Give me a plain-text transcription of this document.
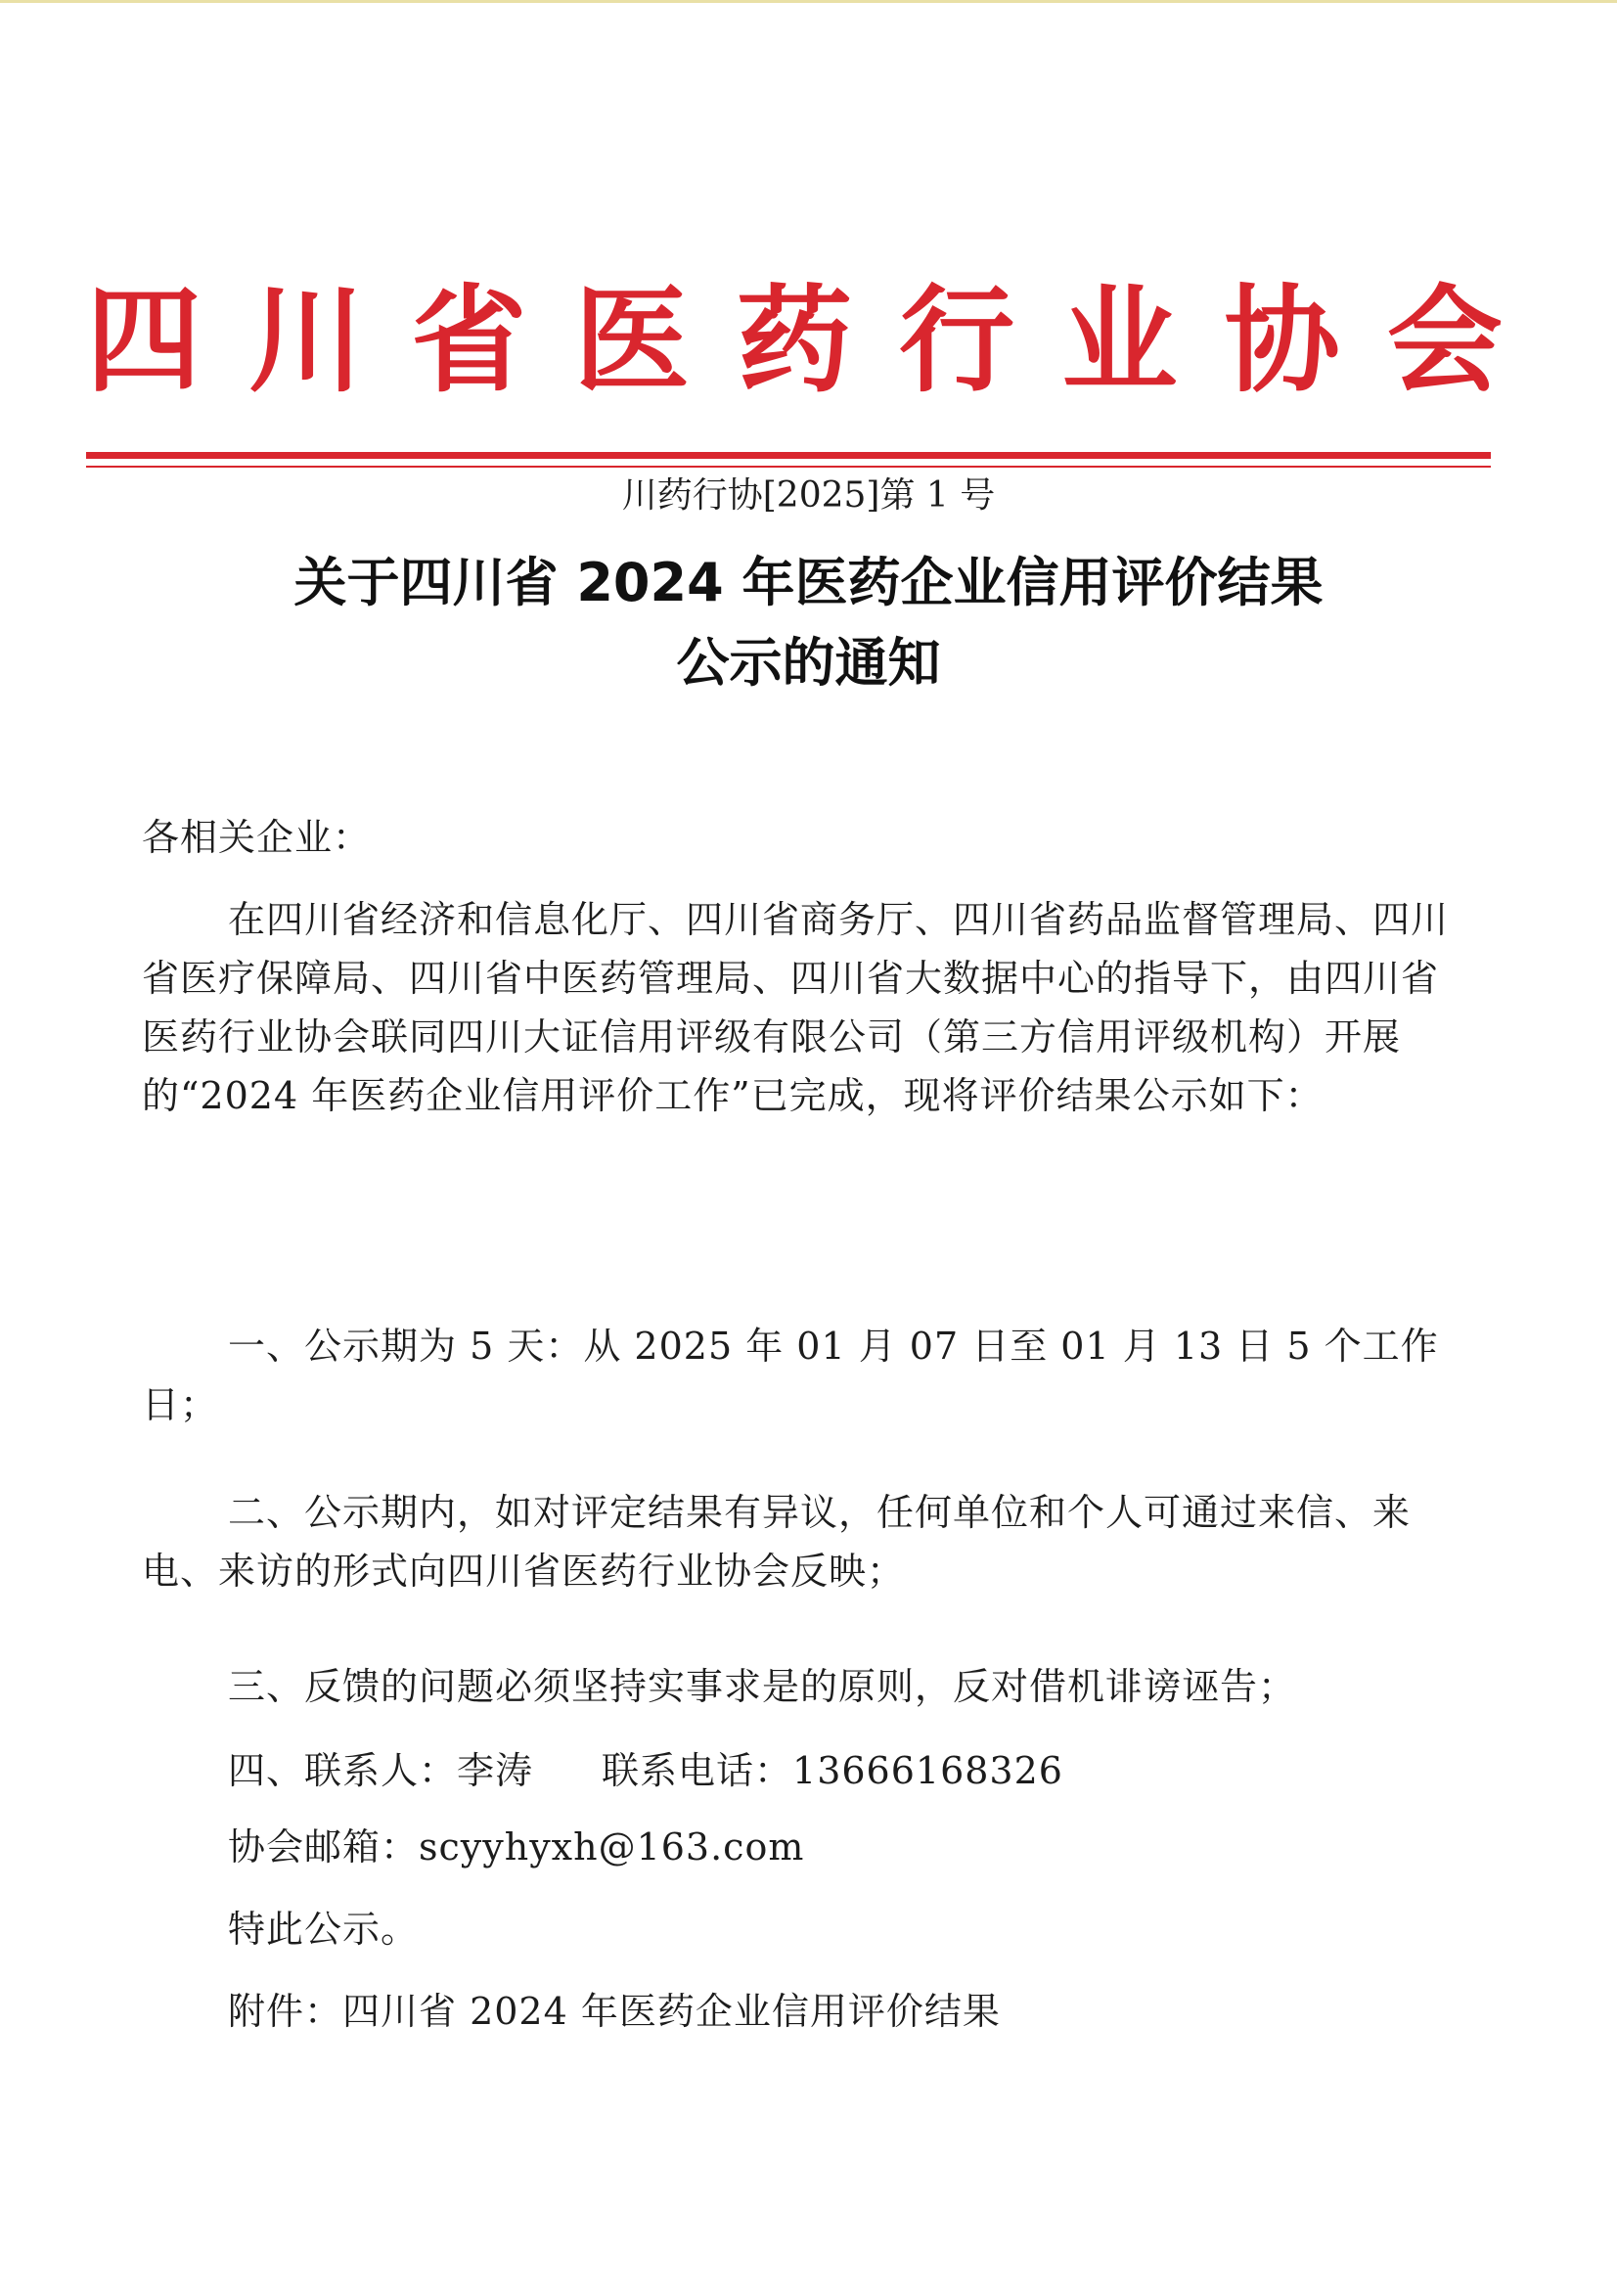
四 川 省 医 药 行 业 协 会
川药行协[2025]第 1 号
关于四川省 2024 年医药企业信用评价结果
公示的通知
各相关企业：
在四川省经济和信息化厅、四川省商务厅、四川省药品监督管理局、四川省医疗保障局、四川省中医药管理局、四川省大数据中心的指导下，由四川省医药行业协会联同四川大证信用评级有限公司（第三方信用评级机构）开展的“2024 年医药企业信用评价工作”已完成，现将评价结果公示如下：
一、公示期为 5 天：从 2025 年 01 月 07 日至 01 月 13 日 5 个工作日；
二、公示期内，如对评定结果有异议，任何单位和个人可通过来信、来电、来访的形式向四川省医药行业协会反映；
三、反馈的问题必须坚持实事求是的原则，反对借机诽谤诬告；
四、联系人：李涛 联系电话：13666168326
协会邮箱：scyyhyxh@163.com
特此公示。
附件：四川省 2024 年医药企业信用评价结果
